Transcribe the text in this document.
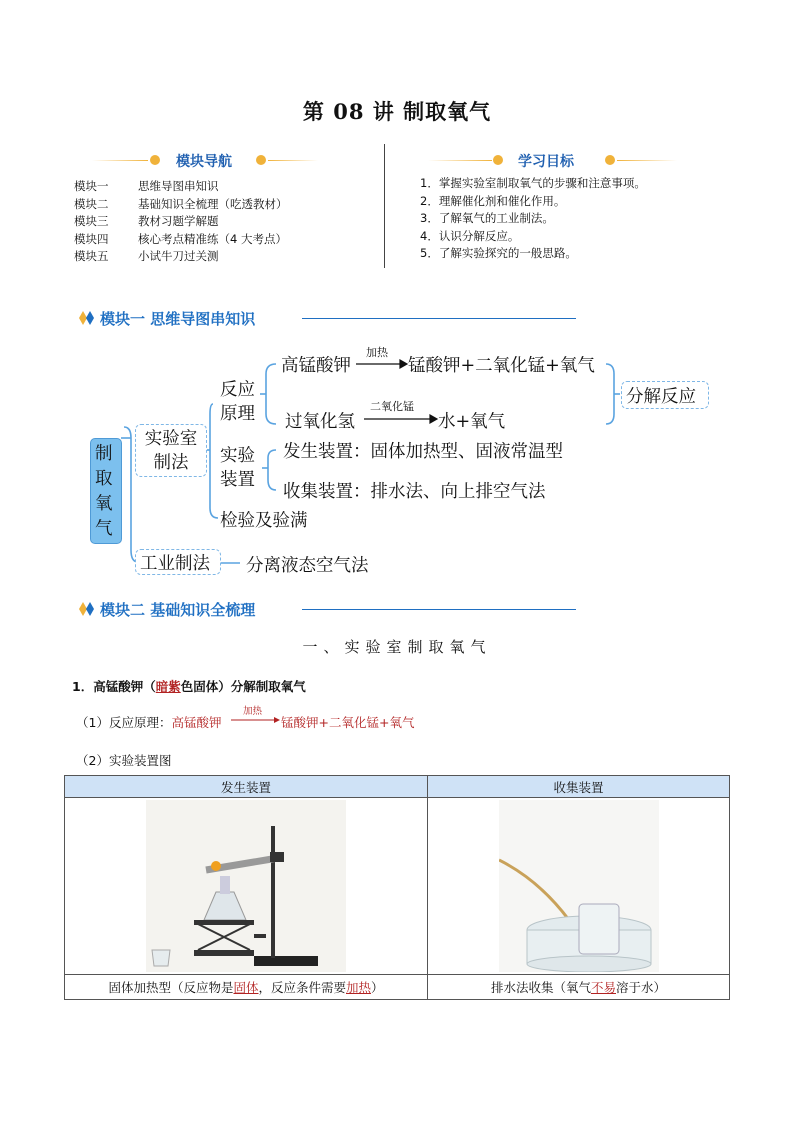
第 08 讲 制取氧气
模块导航
模块一	思维导图串知识
模块二	基础知识全梳理（吃透教材）
模块三	教材习题学解题
模块四	核心考点精准练（4 大考点）
模块五	小试牛刀过关测
学习目标
1．掌握实验室制取氧气的步骤和注意事项。
2．理解催化剂和催化作用。
3．了解氧气的工业制法。
4．认识分解反应。
5．了解实验探究的一般思路。
模块一 思维导图串知识
制取氧气
实验室制法
反应原理
高锰酸钾
加热
锰酸钾+二氧化锰+氧气
过氧化氢
二氧化锰
水+氧气
分解反应
实验装置
发生装置：固体加热型、固液常温型
收集装置：排水法、向上排空气法
检验及验满
工业制法 分离液态空气法
模块二 基础知识全梳理
一、实验室制取氧气
1．高锰酸钾（暗紫色固体）分解制取氧气
（1）反应原理：高锰酸钾
加热
锰酸钾+二氧化锰+氧气
（2）实验装置图
发生装置	收集装置

固体加热型（反应物是固体，反应条件需要加热）	排水法收集（氧气不易溶于水）
